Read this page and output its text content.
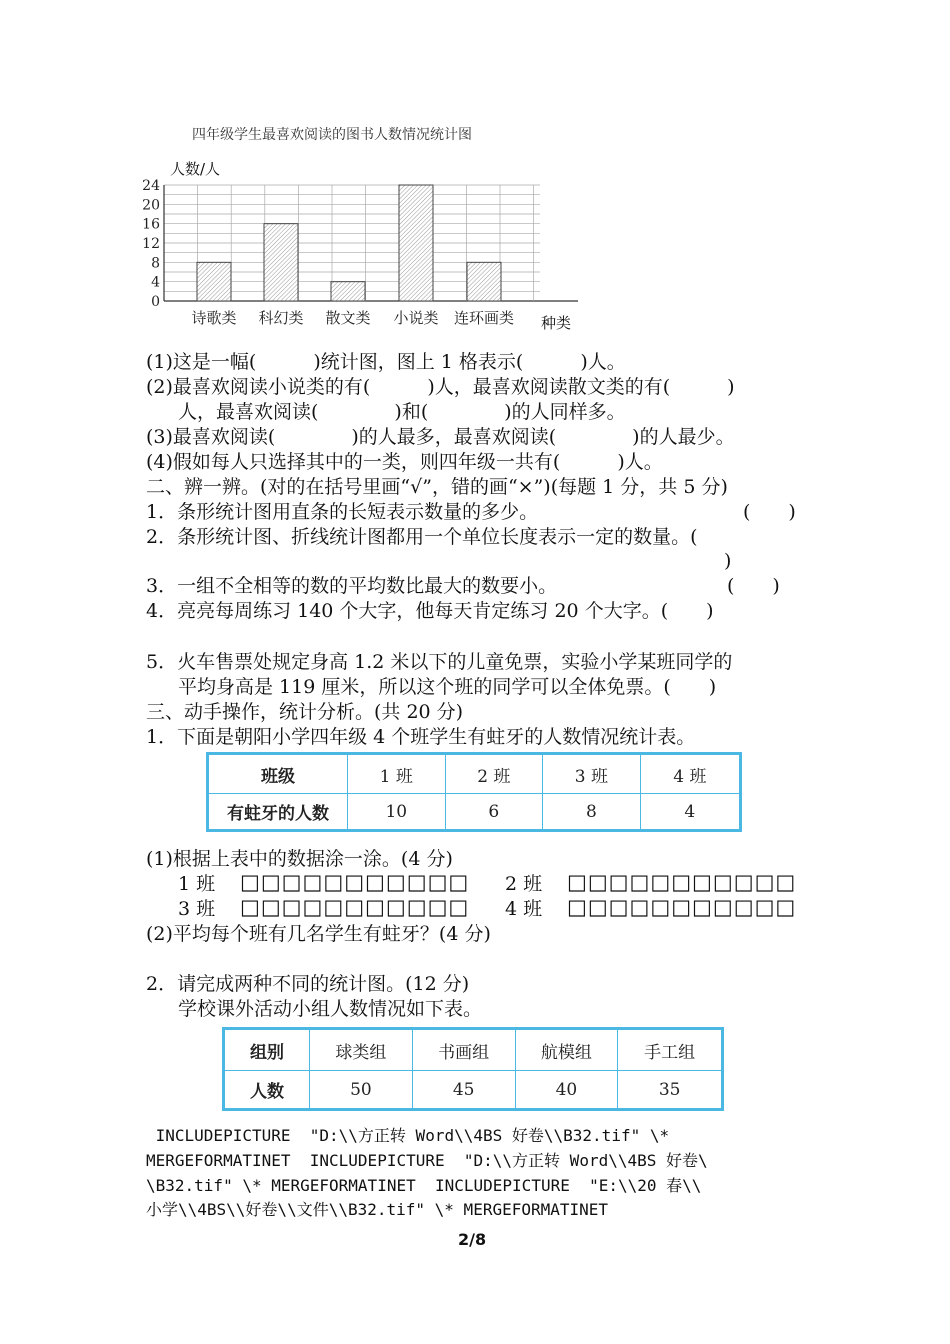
四年级学生最喜欢阅读的图书人数情况统计图
人数/人
种类
0
4
8
12
16
20
24
诗歌类 科幻类 散文类 小说类 连环画类
(1)这是一幅(　　　)统计图，图上 1 格表示(　　　)人。
(2)最喜欢阅读小说类的有(　　　)人，最喜欢阅读散文类的有(　　　)
人，最喜欢阅读(　　　　)和(　　　　)的人同样多。
(3)最喜欢阅读(　　　　)的人最多，最喜欢阅读(　　　　)的人最少。
(4)假如每人只选择其中的一类，则四年级一共有(　　　)人。
二、辨一辨。(对的在括号里画“√”，错的画“×”)(每题 1 分，共 5 分)
1．条形统计图用直条的长短表示数量的多少。	(　　)
2．条形统计图、折线统计图都用一个单位长度表示一定的数量。(
)
3．一组不全相等的数的平均数比最大的数要小。	(　　)
4．亮亮每周练习 140 个大字，他每天肯定练习 20 个大字。(　　)
5．火车售票处规定身高 1.2 米以下的儿童免票，实验小学某班同学的
平均身高是 119 厘米，所以这个班的同学可以全体免票。(　　)
三、动手操作，统计分析。(共 20 分)
1．下面是朝阳小学四年级 4 个班学生有蛀牙的人数情况统计表。
班级	1 班	2 班	3 班	4 班
有蛀牙的人数	10	6	8	4
(1)根据上表中的数据涂一涂。(4 分)
1 班 □□□□□□□□□□□ 2 班 □□□□□□□□□□□
3 班 □□□□□□□□□□□ 4 班 □□□□□□□□□□□
(2)平均每个班有几名学生有蛀牙？(4 分)
2．请完成两种不同的统计图。(12 分)
学校课外活动小组人数情况如下表。
组别	球类组	书画组	航模组	手工组
人数	50	45	40	35
INCLUDEPICTURE  "D:\\方正转 Word\\4BS 好卷\\B32.tif" \*
MERGEFORMATINET  INCLUDEPICTURE  "D:\\方正转 Word\\4BS 好卷\
\B32.tif" \* MERGEFORMATINET  INCLUDEPICTURE  "E:\\20 春\\
小学\\4BS\\好卷\\文件\\B32.tif" \* MERGEFORMATINET
2/8
